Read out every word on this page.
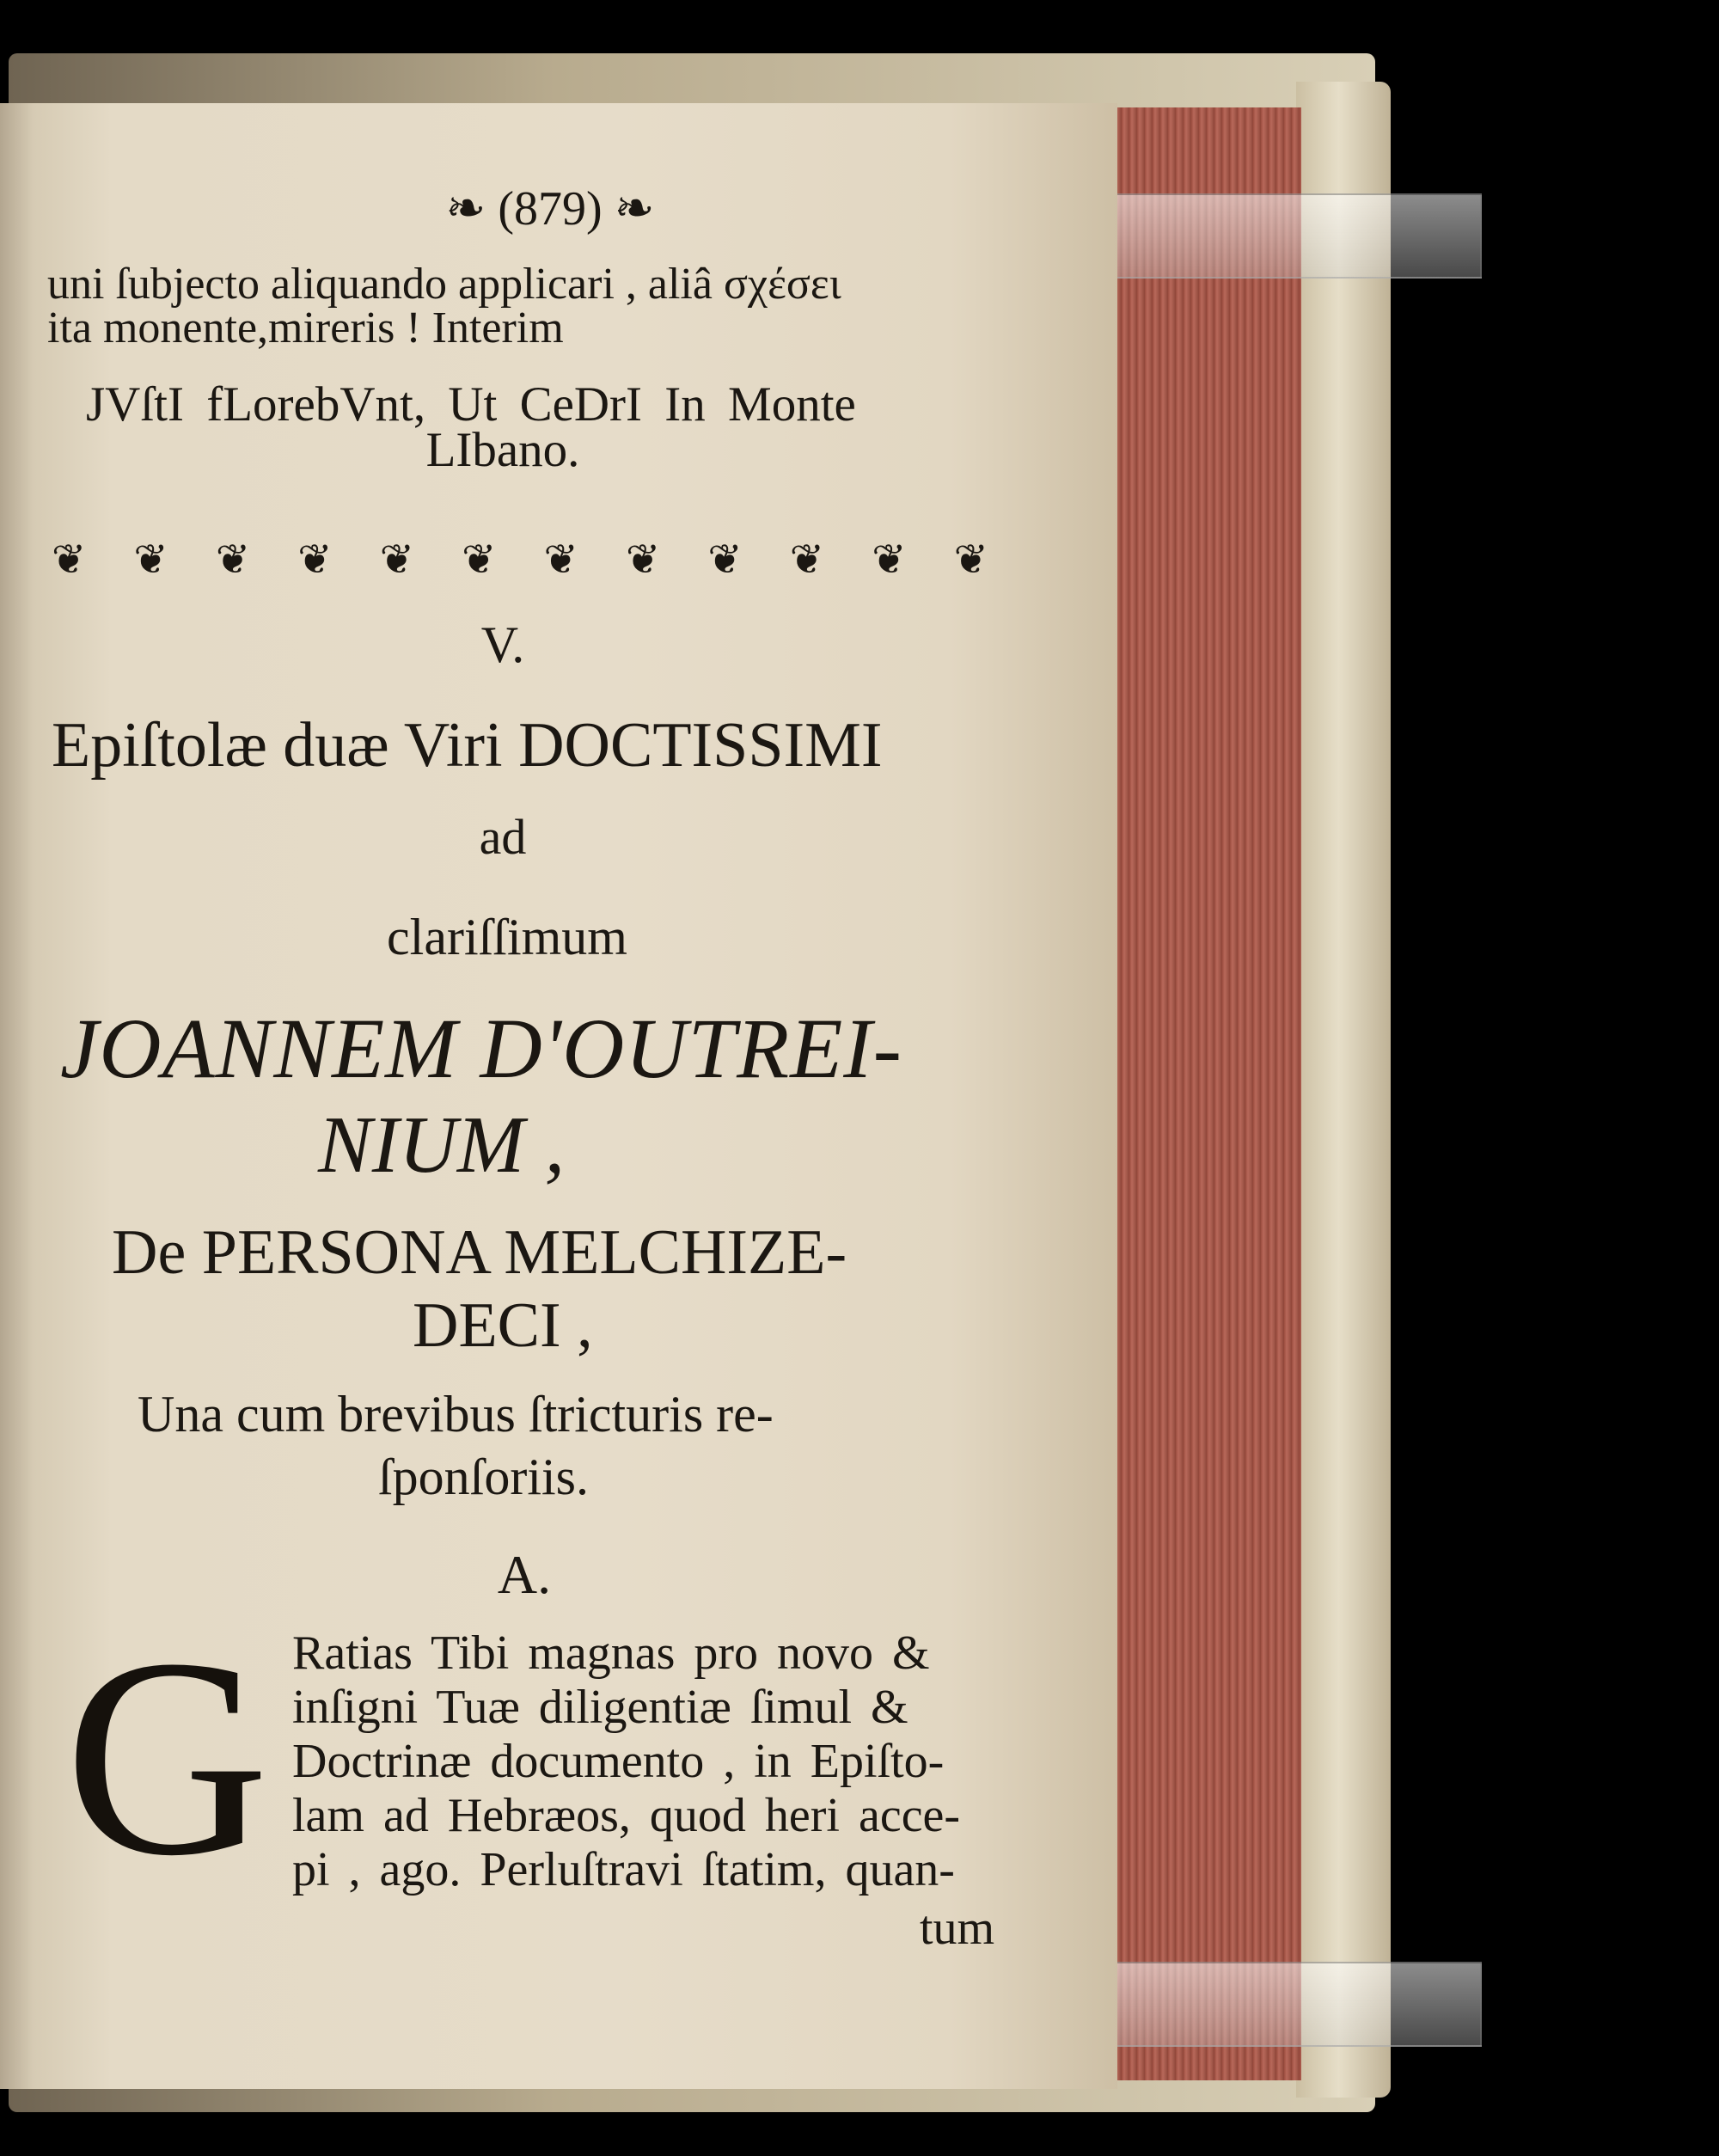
❧ (879) ❧
uni ſubjecto aliquando applicari , aliâ σχέσει
ita monente,mireris ! Interim
JVſtI fLorebVnt, Ut CeDrI In Monte
LIbano.
❦ ❦ ❦ ❦ ❦ ❦ ❦ ❦ ❦ ❦ ❦ ❦
V.
Epiſtolæ duæ Viri DOCTISSIMI
ad
clariſſimum
JOANNEM D'OUTREI-
NIUM ,
De PERSONA MELCHIZE-
DECI ,
Una cum brevibus ſtricturis re-
ſponſoriis.
A.
G Ratias Tibi magnas pro novo &
inſigni Tuæ diligentiæ ſimul &
Doctrinæ documento , in Epiſto-
lam ad Hebræos, quod heri acce-
pi , ago. Perluſtravi ſtatim, quan-
tum
